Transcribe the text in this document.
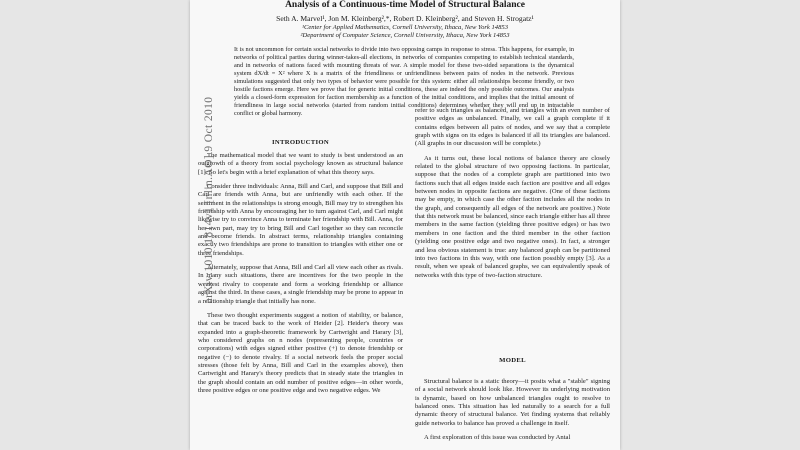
Analysis of a Continuous-time Model of Structural Balance
Seth A. Marvel¹, Jon M. Kleinberg²,*, Robert D. Kleinberg², and Steven H. Strogatz¹
¹Center for Applied Mathematics, Cornell University, Ithaca, New York 14853
²Department of Computer Science, Cornell University, Ithaca, New York 14853
It is not uncommon for certain social networks to divide into two opposing camps in response to stress. This happens, for example, in networks of political parties during winner-takes-all elections, in networks of companies competing to establish technical standards, and in networks of nations faced with mounting threats of war. A simple model for these two-sided separations is the dynamical system dX/dt = X² where X is a matrix of the friendliness or unfriendliness between pairs of nodes in the network. Previous simulations suggested that only two types of behavior were possible for this system: either all relationships become friendly, or two hostile factions emerge. Here we prove that for generic initial conditions, these are indeed the only possible outcomes. Our analysis yields a closed-form expression for faction membership as a function of the initial conditions, and implies that the initial amount of friendliness in large social networks (started from random initial conditions) determines whether they will end up in intractable conflict or global harmony.
INTRODUCTION

The mathematical model that we want to study is best understood as an outgrowth of a theory from social psychology known as structural balance [1]. So let's begin with a brief explanation of what this theory says.

Consider three individuals: Anna, Bill and Carl, and suppose that Bill and Carl are friends with Anna, but are unfriendly with each other. If the sentiment in the relationships is strong enough, Bill may try to strengthen his friendship with Anna by encouraging her to turn against Carl, and Carl might likewise try to convince Anna to terminate her friendship with Bill. Anna, for her own part, may try to bring Bill and Carl together so they can reconcile and become friends. In abstract terms, relationship triangles containing exactly two friendships are prone to transition to triangles with either one or three friendships.

Alternately, suppose that Anna, Bill and Carl all view each other as rivals. In many such situations, there are incentives for the two people in the weakest rivalry to cooperate and form a working friendship or alliance against the third. In these cases, a single friendship may be prone to appear in a relationship triangle that initially has none.

These two thought experiments suggest a notion of stability, or balance, that can be traced back to the work of Heider [2]. Heider's theory was expanded into a graph-theoretic framework by Cartwright and Harary [3], who considered graphs on n nodes (representing people, countries or corporations) with edges signed either positive (+) to denote friendship or negative (−) to denote rivalry. If a social network feels the proper social stresses (those felt by Anna, Bill and Carl in the examples above), then Cartwright and Harary's theory predicts that in steady state the triangles in the graph should contain an odd number of positive edges—in other words, three positive edges or one positive edge and two negative edges. We

refer to such triangles as balanced, and triangles with an even number of positive edges as unbalanced. Finally, we call a graph complete if it contains edges between all pairs of nodes, and we say that a complete graph with signs on its edges is balanced if all its triangles are balanced. (All graphs in our discussion will be complete.)

As it turns out, these local notions of balance theory are closely related to the global structure of two opposing factions. In particular, suppose that the nodes of a complete graph are partitioned into two factions such that all edges inside each faction are positive and all edges between nodes in opposite factions are negative. (One of these factions may be empty, in which case the other faction includes all the nodes in the graph, and consequently all edges of the network are positive.) Note that this network must be balanced, since each triangle either has all three members in the same faction (yielding three positive edges) or has two members in one faction and the third member in the other faction (yielding one positive edge and two negative ones). In fact, a stronger and less obvious statement is true: any balanced graph can be partitioned into two factions in this way, with one faction possibly empty [3]. As a result, when we speak of balanced graphs, we can equivalently speak of networks with this type of two-faction structure.

MODEL

Structural balance is a static theory—it posits what a "stable" signing of a social network should look like. However its underlying motivation is dynamic, based on how unbalanced triangles ought to resolve to balanced ones. This situation has led naturally to a search for a full dynamic theory of structural balance. Yet finding systems that reliably guide networks to balance has proved a challenge in itself.

A first exploration of this issue was conducted by Antal

arXiv:1010.1814v1 [nlin.AO] 9 Oct 2010
